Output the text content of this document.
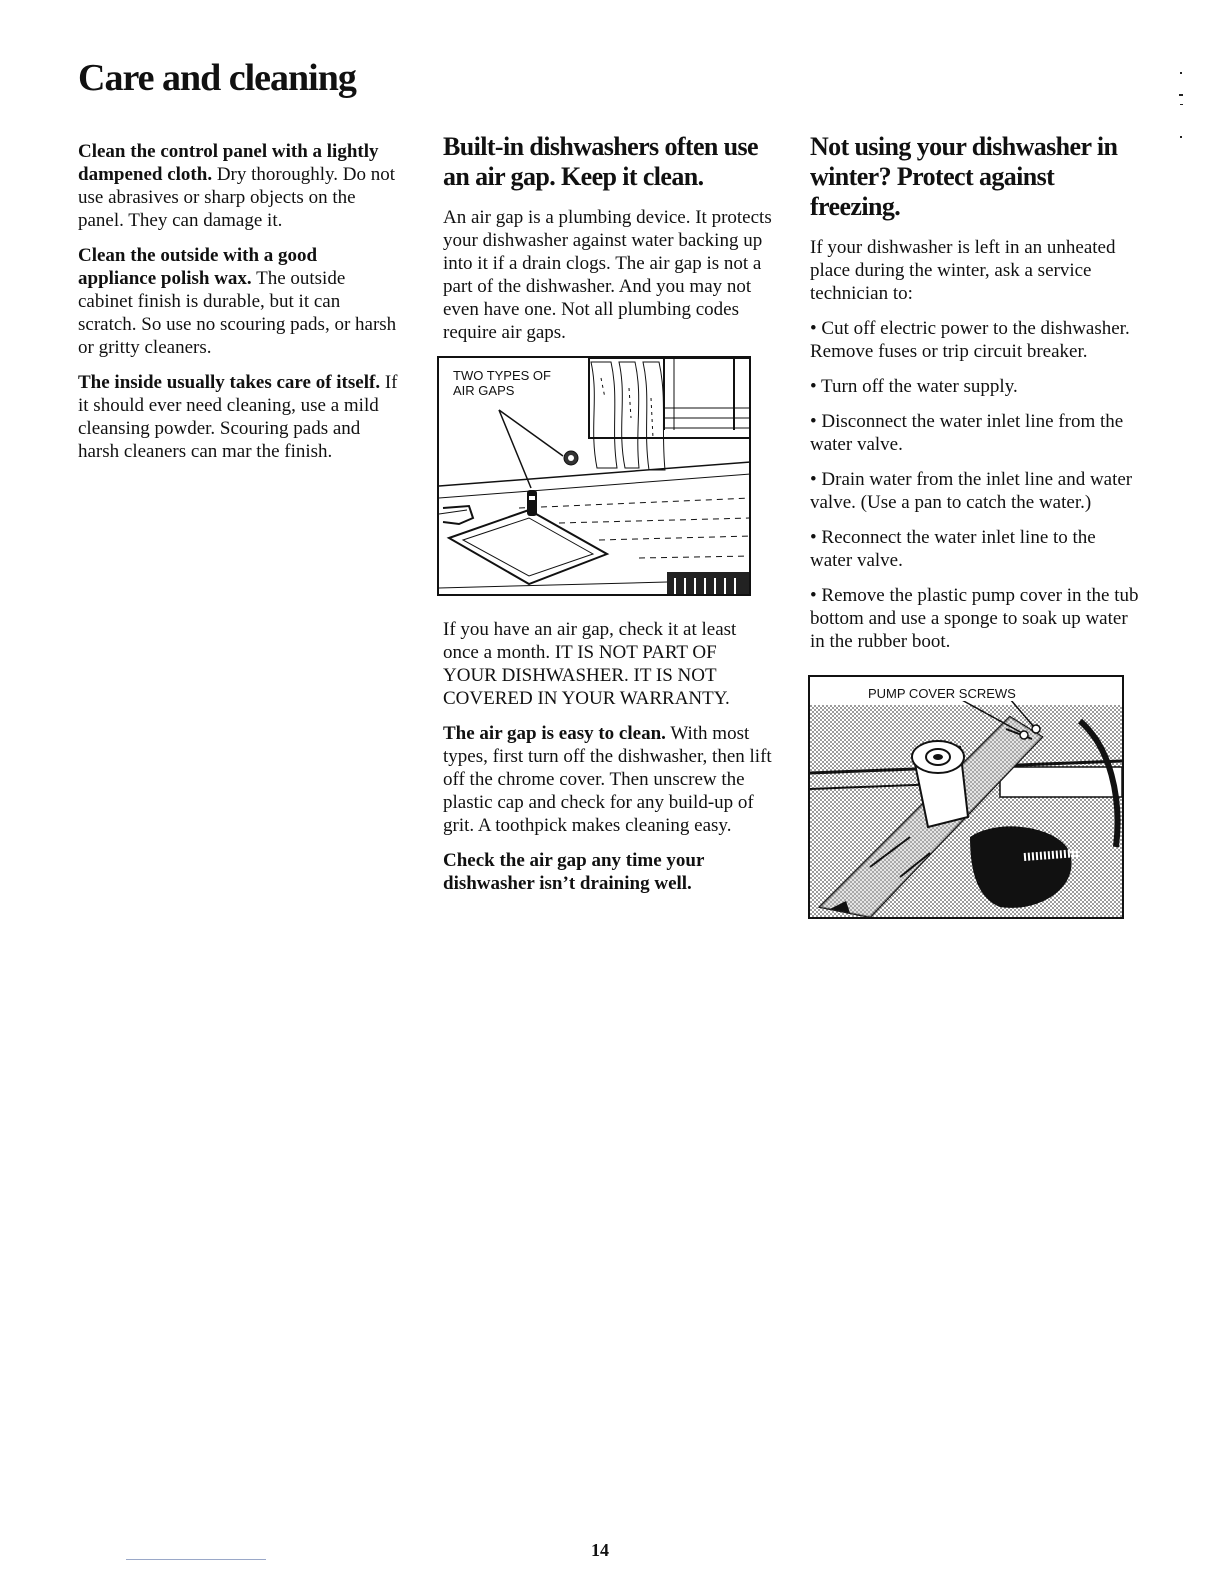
Care and cleaning

Clean the control panel with a lightly dampened cloth. Dry thoroughly. Do not use abrasives or sharp objects on the panel. They can damage it.

Clean the outside with a good appliance polish wax. The outside cabinet finish is durable, but it can scratch. So use no scouring pads, or harsh or gritty cleaners.

The inside usually takes care of itself. If it should ever need cleaning, use a mild cleansing powder. Scouring pads and harsh cleaners can mar the finish.

Built-in dishwashers often use an air gap. Keep it clean.

An air gap is a plumbing device. It protects your dishwasher against water backing up into it if a drain clogs. The air gap is not a part of the dishwasher. And you may not even have one. Not all plumbing codes require air gaps.

TWO TYPES OF AIR GAPS

If you have an air gap, check it at least once a month. IT IS NOT PART OF YOUR DISHWASHER. IT IS NOT COVERED IN YOUR WARRANTY.

The air gap is easy to clean. With most types, first turn off the dishwasher, then lift off the chrome cover. Then unscrew the plastic cap and check for any build-up of grit. A toothpick makes cleaning easy.

Check the air gap any time your dishwasher isn’t draining well.

Not using your dishwasher in winter? Protect against freezing.

If your dishwasher is left in an unheated place during the winter, ask a service technician to:

• Cut off electric power to the dishwasher. Remove fuses or trip circuit breaker.

• Turn off the water supply.

• Disconnect the water inlet line from the water valve.

• Drain water from the inlet line and water valve. (Use a pan to catch the water.)

• Reconnect the water inlet line to the water valve.

• Remove the plastic pump cover in the tub bottom and use a sponge to soak up water in the rubber boot.

PUMP COVER SCREWS
14
